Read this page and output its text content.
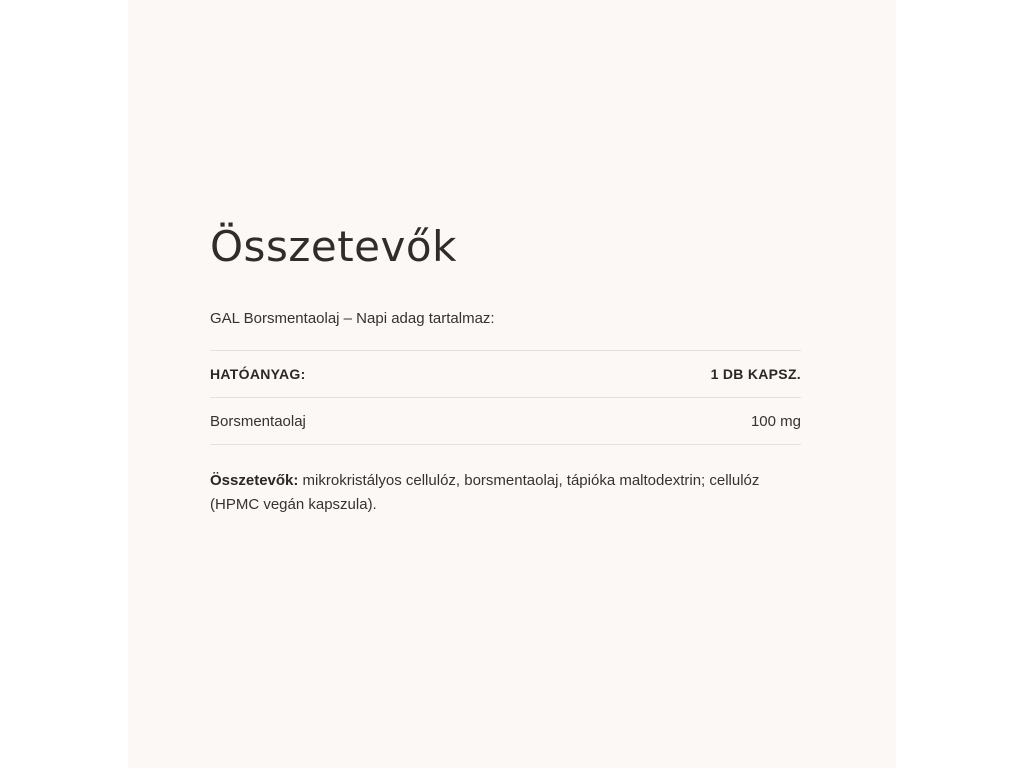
Összetevők
GAL Borsmentaolaj – Napi adag tartalmaz:
HATÓANYAG:	1 DB KAPSZ.
Borsmentaolaj	100 mg
Összetevők: mikrokristályos cellulóz, borsmentaolaj, tápióka maltodextrin; cellulóz (HPMC vegán kapszula).
